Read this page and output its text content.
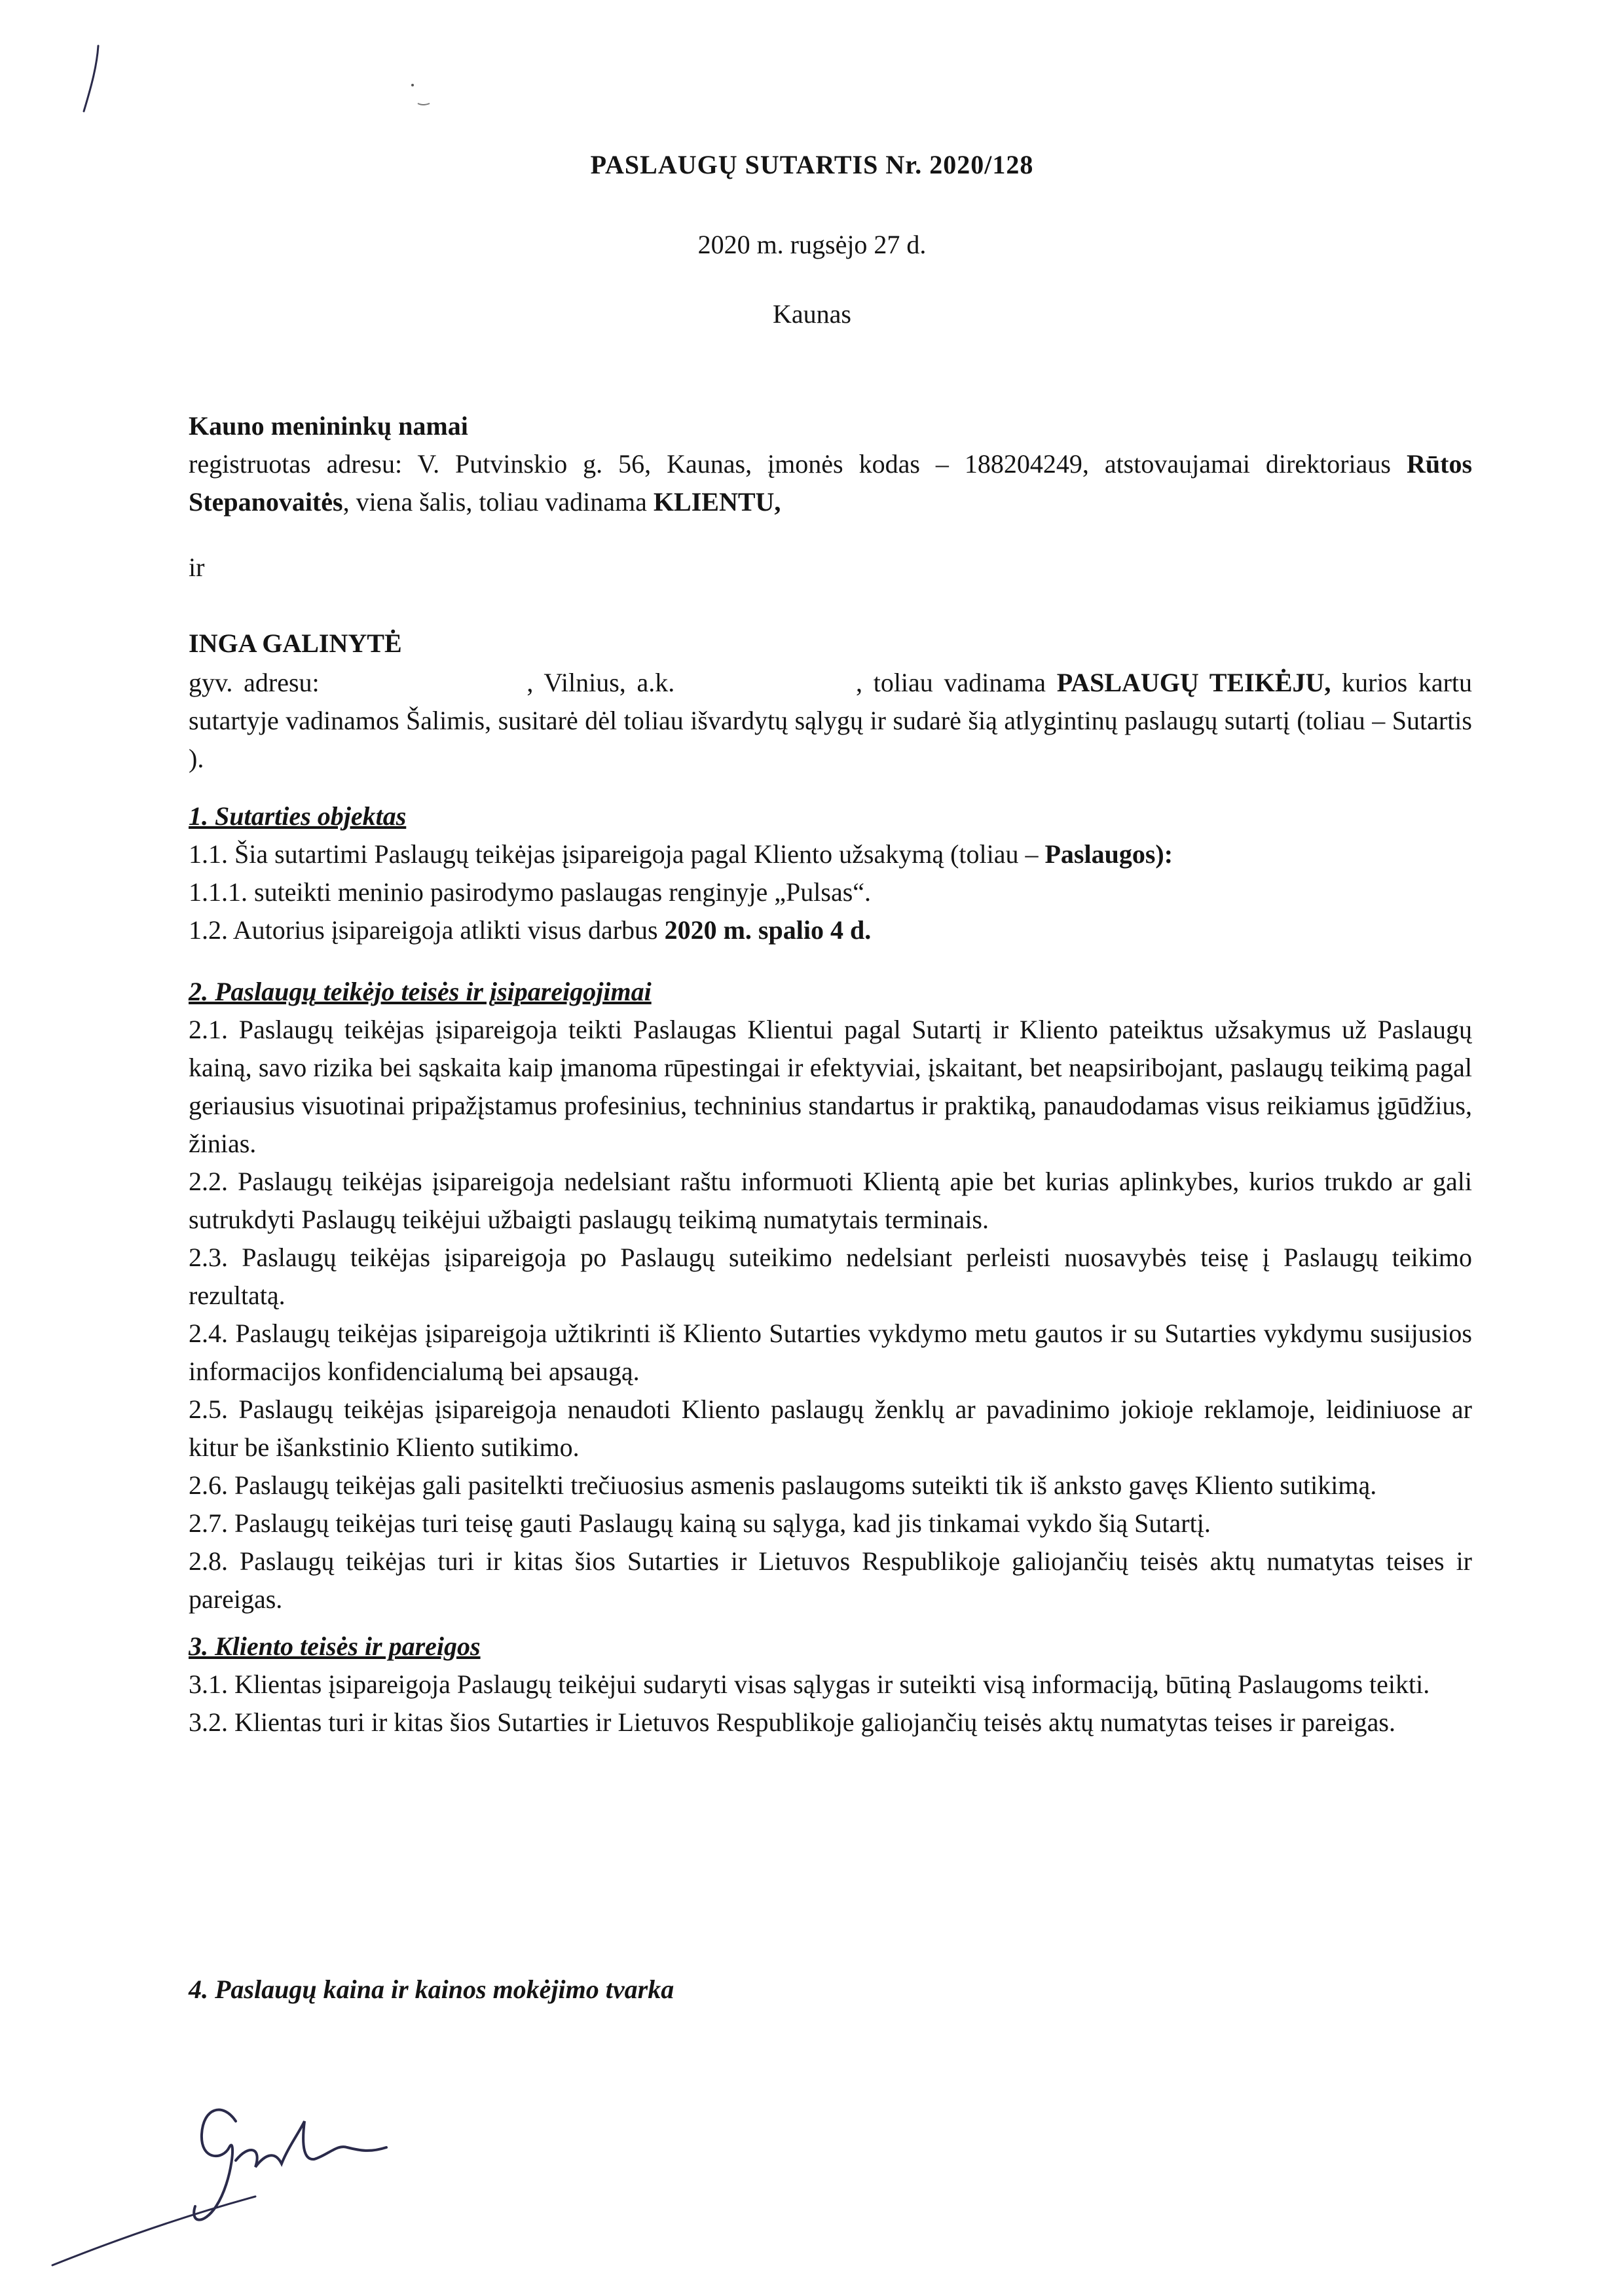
PASLAUGŲ SUTARTIS Nr. 2020/128
2020 m. rugsėjo 27 d.
Kaunas

Kauno menininkų namai

registruotas adresu: V. Putvinskio g. 56, Kaunas, įmonės kodas – 188204249, atstovaujamai direktoriaus Rūtos Stepanovaitės, viena šalis, toliau vadinama KLIENTU,

ir

INGA GALINYTĖ

gyv. adresu:	, Vilnius, a.k.	, toliau vadinama PASLAUGŲ TEIKĖJU, kurios kartu sutartyje vadinamos Šalimis, susitarė dėl toliau išvardytų sąlygų ir sudarė šią atlygintinų paslaugų sutartį (toliau – Sutartis ).

1. Sutarties objektas

1.1. Šia sutartimi Paslaugų teikėjas įsipareigoja pagal Kliento užsakymą (toliau – Paslaugos):

1.1.1. suteikti meninio pasirodymo paslaugas renginyje „Pulsas“.

1.2. Autorius įsipareigoja atlikti visus darbus 2020 m. spalio 4 d.

2. Paslaugų teikėjo teisės ir įsipareigojimai

2.1. Paslaugų teikėjas įsipareigoja teikti Paslaugas Klientui pagal Sutartį ir Kliento pateiktus užsakymus už Paslaugų kainą, savo rizika bei sąskaita kaip įmanoma rūpestingai ir efektyviai, įskaitant, bet neapsiribojant, paslaugų teikimą pagal geriausius visuotinai pripažįstamus profesinius, techninius standartus ir praktiką, panaudodamas visus reikiamus įgūdžius, žinias.

2.2. Paslaugų teikėjas įsipareigoja nedelsiant raštu informuoti Klientą apie bet kurias aplinkybes, kurios trukdo ar gali sutrukdyti Paslaugų teikėjui užbaigti paslaugų teikimą numatytais terminais.

2.3. Paslaugų teikėjas įsipareigoja po Paslaugų suteikimo nedelsiant perleisti nuosavybės teisę į Paslaugų teikimo rezultatą.

2.4. Paslaugų teikėjas įsipareigoja užtikrinti iš Kliento Sutarties vykdymo metu gautos ir su Sutarties vykdymu susijusios informacijos konfidencialumą bei apsaugą.

2.5. Paslaugų teikėjas įsipareigoja nenaudoti Kliento paslaugų ženklų ar pavadinimo jokioje reklamoje, leidiniuose ar kitur be išankstinio Kliento sutikimo.

2.6. Paslaugų teikėjas gali pasitelkti trečiuosius asmenis paslaugoms suteikti tik iš anksto gavęs Kliento sutikimą.

2.7. Paslaugų teikėjas turi teisę gauti Paslaugų kainą su sąlyga, kad jis tinkamai vykdo šią Sutartį.

2.8. Paslaugų teikėjas turi ir kitas šios Sutarties ir Lietuvos Respublikoje galiojančių teisės aktų numatytas teises ir pareigas.

3. Kliento teisės ir pareigos

3.1. Klientas įsipareigoja Paslaugų teikėjui sudaryti visas sąlygas ir suteikti visą informaciją, būtiną Paslaugoms teikti.

3.2. Klientas turi ir kitas šios Sutarties ir Lietuvos Respublikoje galiojančių teisės aktų numatytas teises ir pareigas.

4. Paslaugų kaina ir kainos mokėjimo tvarka
